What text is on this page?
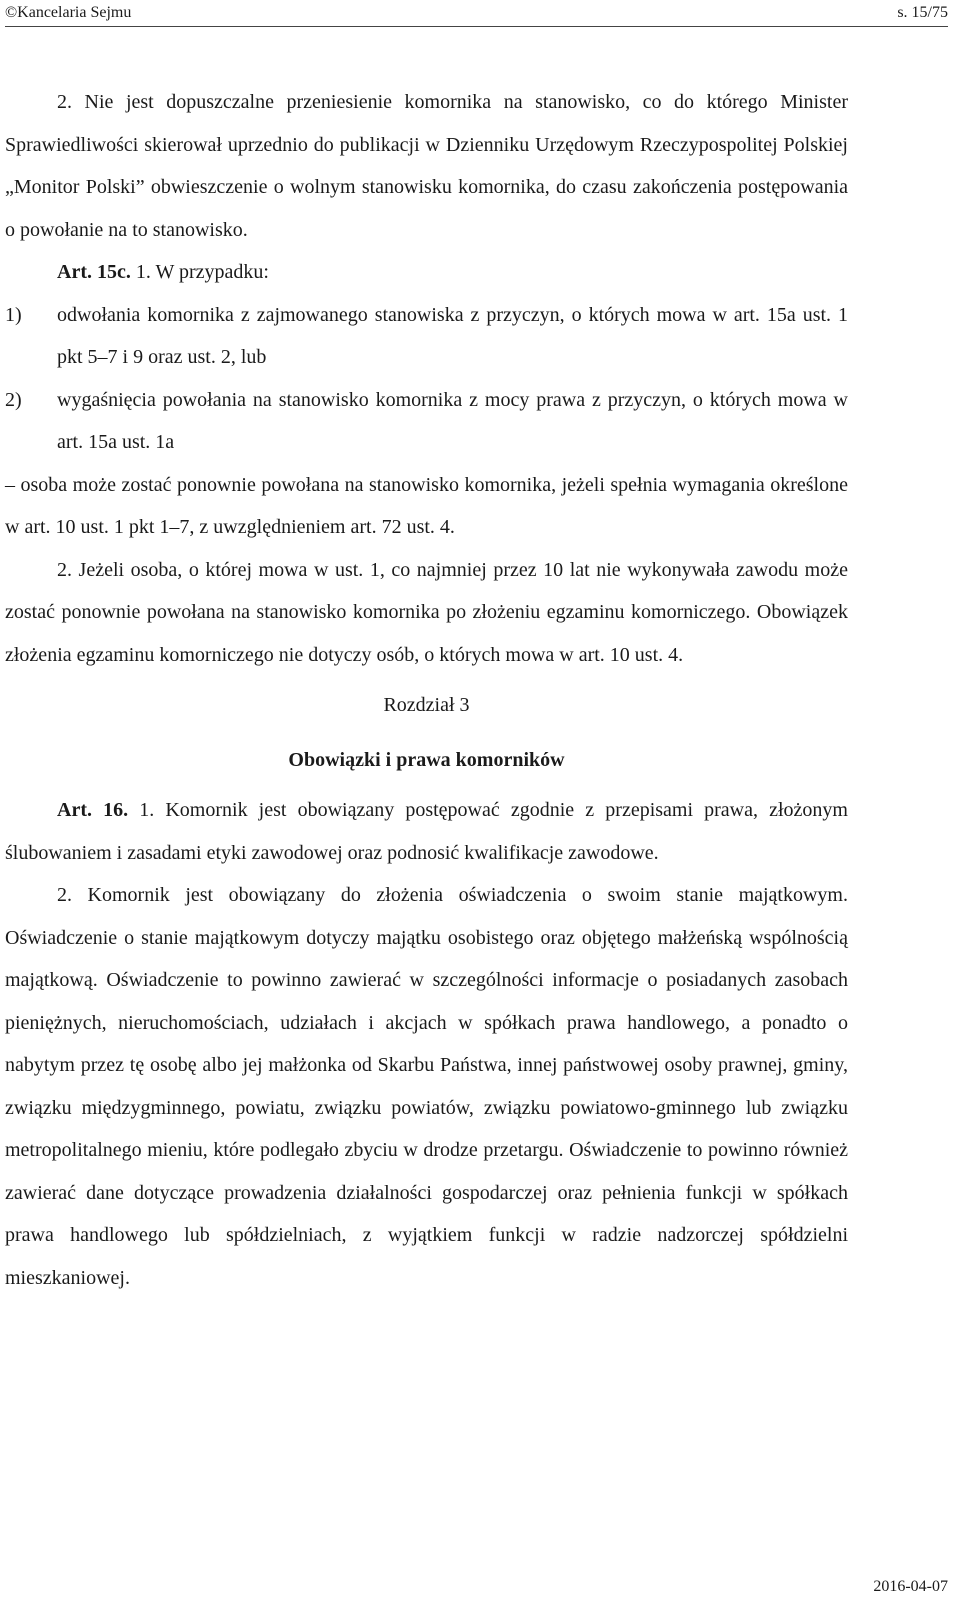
©Kancelaria Sejmu	s. 15/75

2. Nie jest dopuszczalne przeniesienie komornika na stanowisko, co do którego Minister Sprawiedliwości skierował uprzednio do publikacji w Dzienniku Urzędowym Rzeczypospolitej Polskiej „Monitor Polski” obwieszczenie o wolnym stanowisku komornika, do czasu zakończenia postępowania o powołanie na to stanowisko.

Art. 15c. 1. W przypadku:

1)	odwołania komornika z zajmowanego stanowiska z przyczyn, o których mowa w art. 15a ust. 1 pkt 5–7 i 9 oraz ust. 2, lub
2)	wygaśnięcia powołania na stanowisko komornika z mocy prawa z przyczyn, o których mowa w art. 15a ust. 1a

– osoba może zostać ponownie powołana na stanowisko komornika, jeżeli spełnia wymagania określone w art. 10 ust. 1 pkt 1–7, z uwzględnieniem art. 72 ust. 4.

2. Jeżeli osoba, o której mowa w ust. 1, co najmniej przez 10 lat nie wykonywała zawodu może zostać ponownie powołana na stanowisko komornika po złożeniu egzaminu komorniczego. Obowiązek złożenia egzaminu komorniczego nie dotyczy osób, o których mowa w art. 10 ust. 4.

Rozdział 3

Obowiązki i prawa komorników

Art. 16. 1. Komornik jest obowiązany postępować zgodnie z przepisami prawa, złożonym ślubowaniem i zasadami etyki zawodowej oraz podnosić kwalifikacje zawodowe.

2. Komornik jest obowiązany do złożenia oświadczenia o swoim stanie majątkowym. Oświadczenie o stanie majątkowym dotyczy majątku osobistego oraz objętego małżeńską wspólnością majątkową. Oświadczenie to powinno zawierać w szczególności informacje o posiadanych zasobach pieniężnych, nieruchomościach, udziałach i akcjach w spółkach prawa handlowego, a ponadto o nabytym przez tę osobę albo jej małżonka od Skarbu Państwa, innej państwowej osoby prawnej, gminy, związku międzygminnego, powiatu, związku powiatów, związku powiatowo-gminnego lub związku metropolitalnego mieniu, które podlegało zbyciu w drodze przetargu. Oświadczenie to powinno również zawierać dane dotyczące prowadzenia działalności gospodarczej oraz pełnienia funkcji w spółkach prawa handlowego lub spółdzielniach, z wyjątkiem funkcji w radzie nadzorczej spółdzielni mieszkaniowej.

2016-04-07
